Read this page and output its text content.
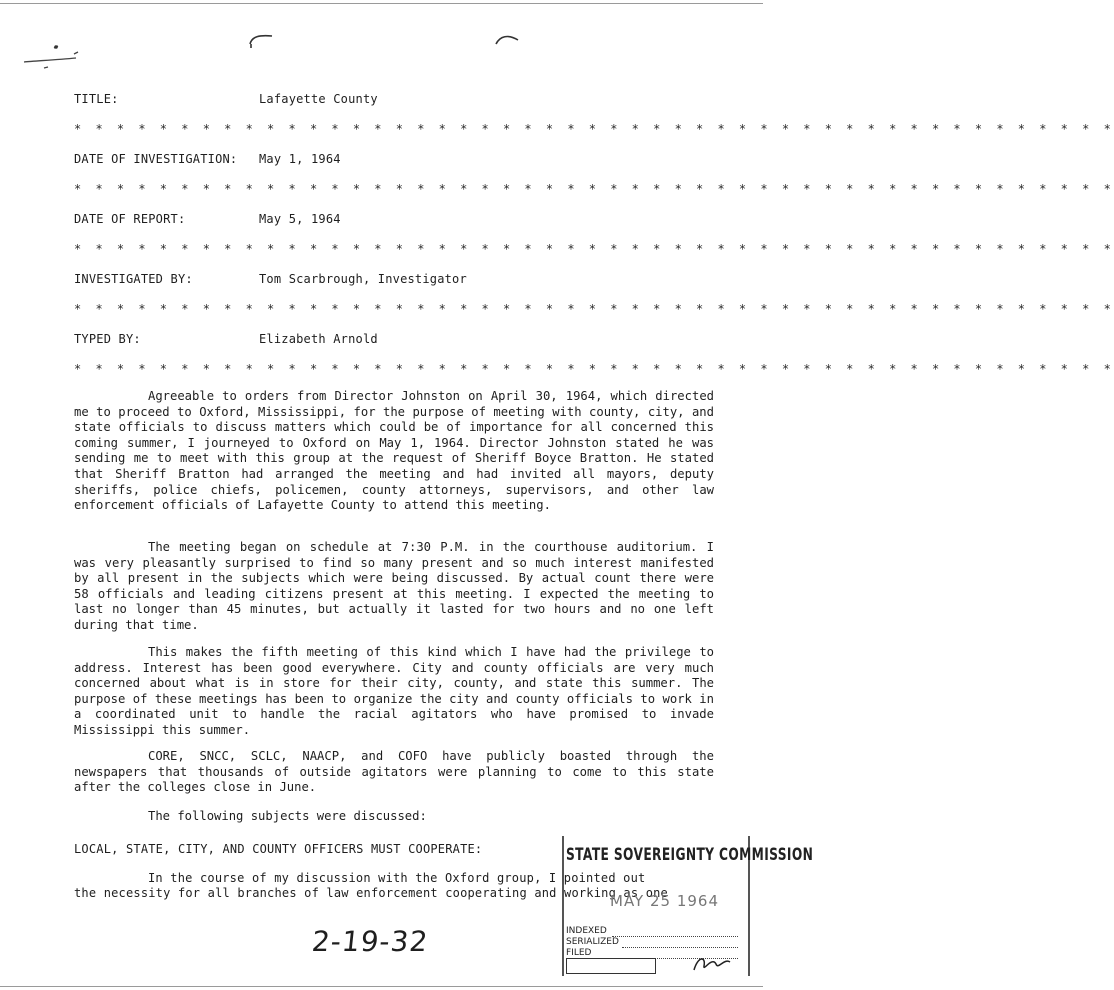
TITLE:	Lafayette County
* * * * * * * * * * * * * * * * * * * * * * * * * * * * * * * * * * * * * * * * * * * * * * * * *
DATE OF INVESTIGATION: May 1, 1964
* * * * * * * * * * * * * * * * * * * * * * * * * * * * * * * * * * * * * * * * * * * * * * * * *
DATE OF REPORT:	May 5, 1964
* * * * * * * * * * * * * * * * * * * * * * * * * * * * * * * * * * * * * * * * * * * * * * * * *
INVESTIGATED BY:	Tom Scarbrough, Investigator
* * * * * * * * * * * * * * * * * * * * * * * * * * * * * * * * * * * * * * * * * * * * * * * * *
TYPED BY:	Elizabeth Arnold
* * * * * * * * * * * * * * * * * * * * * * * * * * * * * * * * * * * * * * * * * * * * * * * * *

Agreeable to orders from Director Johnston on April 30, 1964, which directed me to proceed to Oxford, Mississippi, for the purpose of meeting with county, city, and state officials to discuss matters which could be of importance for all concerned this coming summer, I journeyed to Oxford on May 1, 1964. Director Johnston stated he was sending me to meet with this group at the request of Sheriff Boyce Bratton. He stated that Sheriff Bratton had arranged the meeting and had invited all mayors, deputy sheriffs, police chiefs, policemen, county attorneys, supervisors, and other law enforcement officials of Lafayette County to attend this meeting.

The meeting began on schedule at 7:30 P.M. in the courthouse auditorium. I was very pleasantly surprised to find so many present and so much interest manifested by all present in the subjects which were being discussed. By actual count there were 58 officials and leading citizens present at this meeting. I expected the meeting to last no longer than 45 minutes, but actually it lasted for two hours and no one left during that time.

This makes the fifth meeting of this kind which I have had the privilege to address. Interest has been good everywhere. City and county officials are very much concerned about what is in store for their city, county, and state this summer. The purpose of these meetings has been to organize the city and county officials to work in a coordinated unit to handle the racial agitators who have promised to invade Mississippi this summer.

CORE, SNCC, SCLC, NAACP, and COFO have publicly boasted through the newspapers that thousands of outside agitators were planning to come to this state after the colleges close in June.

The following subjects were discussed:

LOCAL, STATE, CITY, AND COUNTY OFFICERS MUST COOPERATE:
In the course of my discussion with the Oxford group, I pointed out
the necessity for all branches of law enforcement cooperating and working as one
2-19-32
STATE SOVEREIGNTY COMMISSION
MAY 25 1964
INDEXED
SERIALIZED
FILED
